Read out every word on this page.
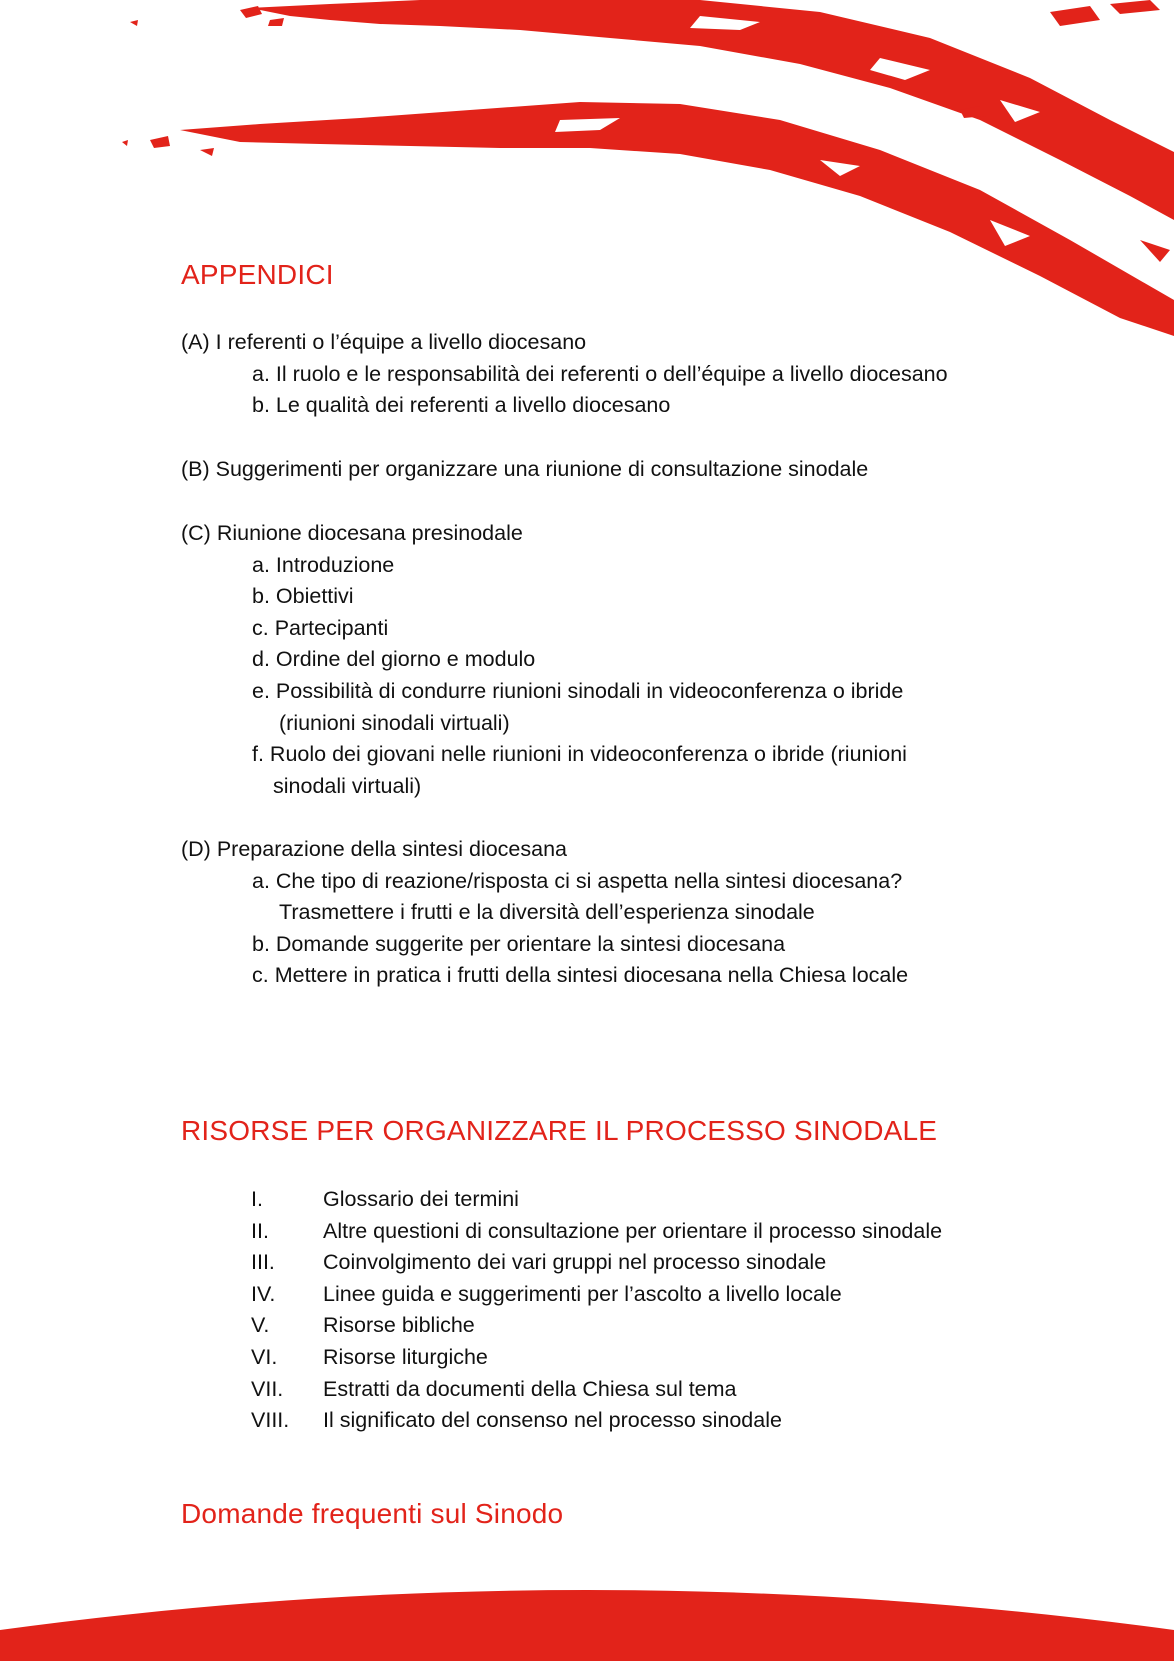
APPENDICI
(A) I referenti o l’équipe a livello diocesano
a. Il ruolo e le responsabilità dei referenti o dell’équipe a livello diocesano
b. Le qualità dei referenti a livello diocesano
(B) Suggerimenti per organizzare una riunione di consultazione sinodale
(C) Riunione diocesana presinodale
a. Introduzione
b. Obiettivi
c. Partecipanti
d. Ordine del giorno e modulo
e. Possibilità di condurre riunioni sinodali in videoconferenza o ibride
(riunioni sinodali virtuali)
f. Ruolo dei giovani nelle riunioni in videoconferenza o ibride (riunioni
sinodali virtuali)
(D) Preparazione della sintesi diocesana
a. Che tipo di reazione/risposta ci si aspetta nella sintesi diocesana?
Trasmettere i frutti e la diversità dell’esperienza sinodale
b. Domande suggerite per orientare la sintesi diocesana
c. Mettere in pratica i frutti della sintesi diocesana nella Chiesa locale
RISORSE PER ORGANIZZARE IL PROCESSO SINODALE
I.	Glossario dei termini
II.	Altre questioni di consultazione per orientare il processo sinodale
III.	Coinvolgimento dei vari gruppi nel processo sinodale
IV.	Linee guida e suggerimenti per l’ascolto a livello locale
V.	Risorse bibliche
VI.	Risorse liturgiche
VII.	Estratti da documenti della Chiesa sul tema
VIII.	Il significato del consenso nel processo sinodale
Domande frequenti sul Sinodo
